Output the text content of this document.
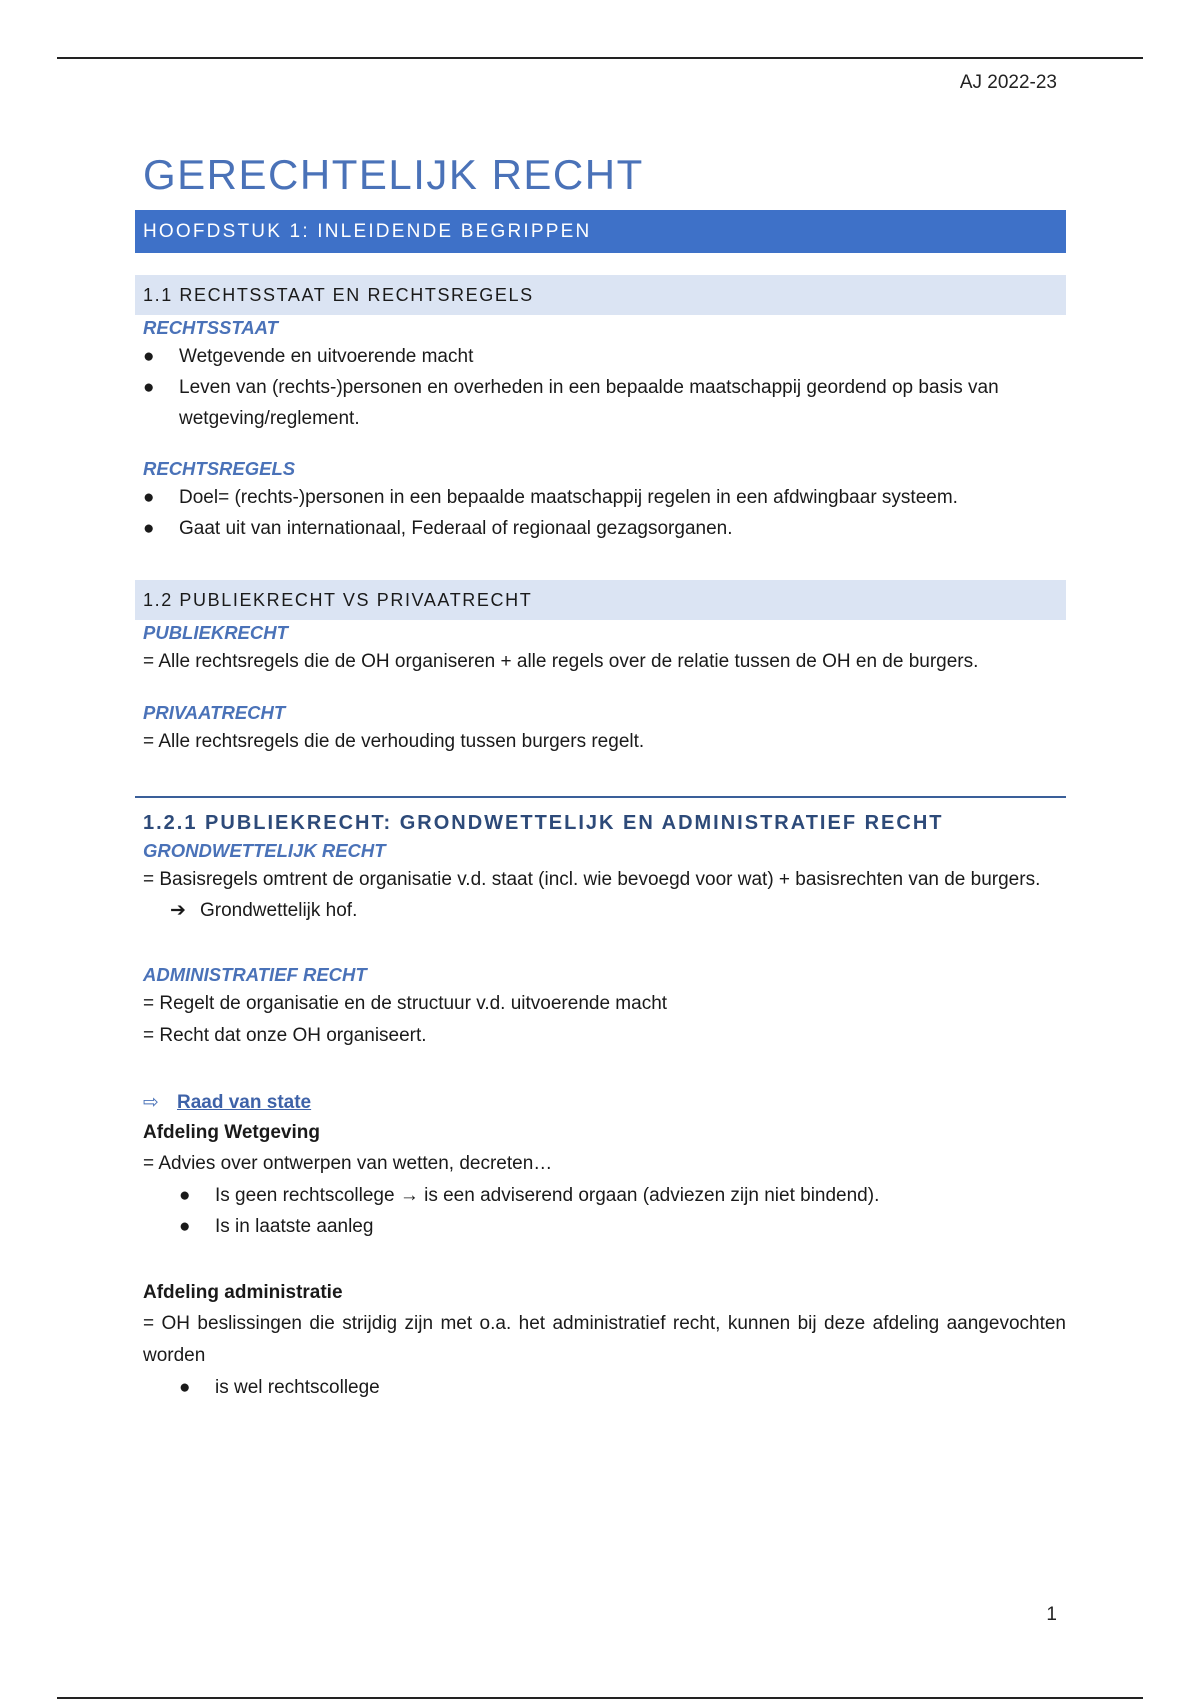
AJ 2022-23
GERECHTELIJK RECHT
HOOFDSTUK 1: INLEIDENDE BEGRIPPEN
1.1 RECHTSSTAAT EN RECHTSREGELS
RECHTSSTAAT
● Wetgevende en uitvoerende macht
● Leven van (rechts-)personen en overheden in een bepaalde maatschappij geordend op basis van wetgeving/reglement.
RECHTSREGELS
● Doel= (rechts-)personen in een bepaalde maatschappij regelen in een afdwingbaar systeem.
● Gaat uit van internationaal, Federaal of regionaal gezagsorganen.
1.2 PUBLIEKRECHT VS PRIVAATRECHT
PUBLIEKRECHT
= Alle rechtsregels die de OH organiseren + alle regels over de relatie tussen de OH en de burgers.
PRIVAATRECHT
= Alle rechtsregels die de verhouding tussen burgers regelt.
1.2.1 PUBLIEKRECHT: GRONDWETTELIJK EN ADMINISTRATIEF RECHT
GRONDWETTELIJK RECHT
= Basisregels omtrent de organisatie v.d. staat (incl. wie bevoegd voor wat) + basisrechten van de burgers.
➔ Grondwettelijk hof.
ADMINISTRATIEF RECHT
= Regelt de organisatie en de structuur v.d. uitvoerende macht
= Recht dat onze OH organiseert.
⇨ Raad van state
Afdeling Wetgeving
= Advies over ontwerpen van wetten, decreten…
● Is geen rechtscollege → is een adviserend orgaan (adviezen zijn niet bindend).
● Is in laatste aanleg
Afdeling administratie
= OH beslissingen die strijdig zijn met o.a. het administratief recht, kunnen bij deze afdeling aangevochten worden
● is wel rechtscollege
1
